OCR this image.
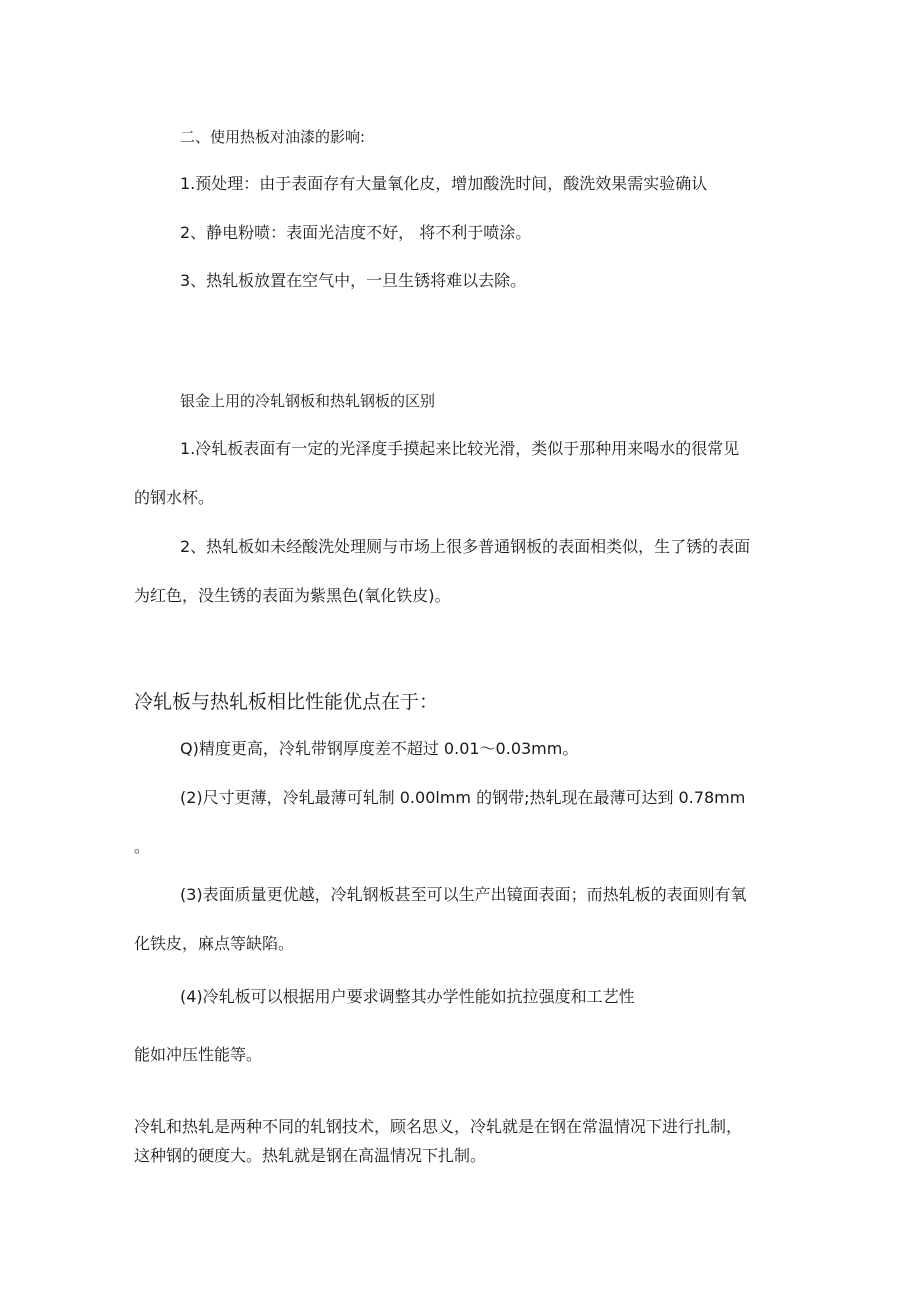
二、使用热板对油漆的影响:

1.预处理：由于表面存有大量氧化皮，增加酸洗时间，酸洗效果需实验确认

2、静电粉喷：表面光洁度不好， 将不利于喷涂。

3、热轧板放置在空气中，一旦生锈将难以去除。

银金上用的冷轧钢板和热轧钢板的区别

1.冷轧板表面有一定的光泽度手摸起来比较光滑，类似于那种用来喝水的很常见

的钢水杯。

2、热轧板如未经酸洗处理厕与市场上很多普通钢板的表面相类似，生了锈的表面

为红色，没生锈的表面为紫黑色(氧化铁皮)。

冷轧板与热轧板相比性能优点在于：

Q)精度更高，冷轧带钢厚度差不超过 0.01～0.03mm。

(2)尺寸更薄，冷轧最薄可轧制 0.00lmm 的钢带;热轧现在最薄可达到 0.78mm

。

(3)表面质量更优越，冷轧钢板甚至可以生产出镜面表面；而热轧板的表面则有氧

化铁皮，麻点等缺陷。

(4)冷轧板可以根据用户要求调整其办学性能如抗拉强度和工艺性

能如冲压性能等。

冷轧和热轧是两种不同的轧钢技术，顾名思义，冷轧就是在钢在常温情况下进行扎制，

这种钢的硬度大。热轧就是钢在高温情况下扎制。
